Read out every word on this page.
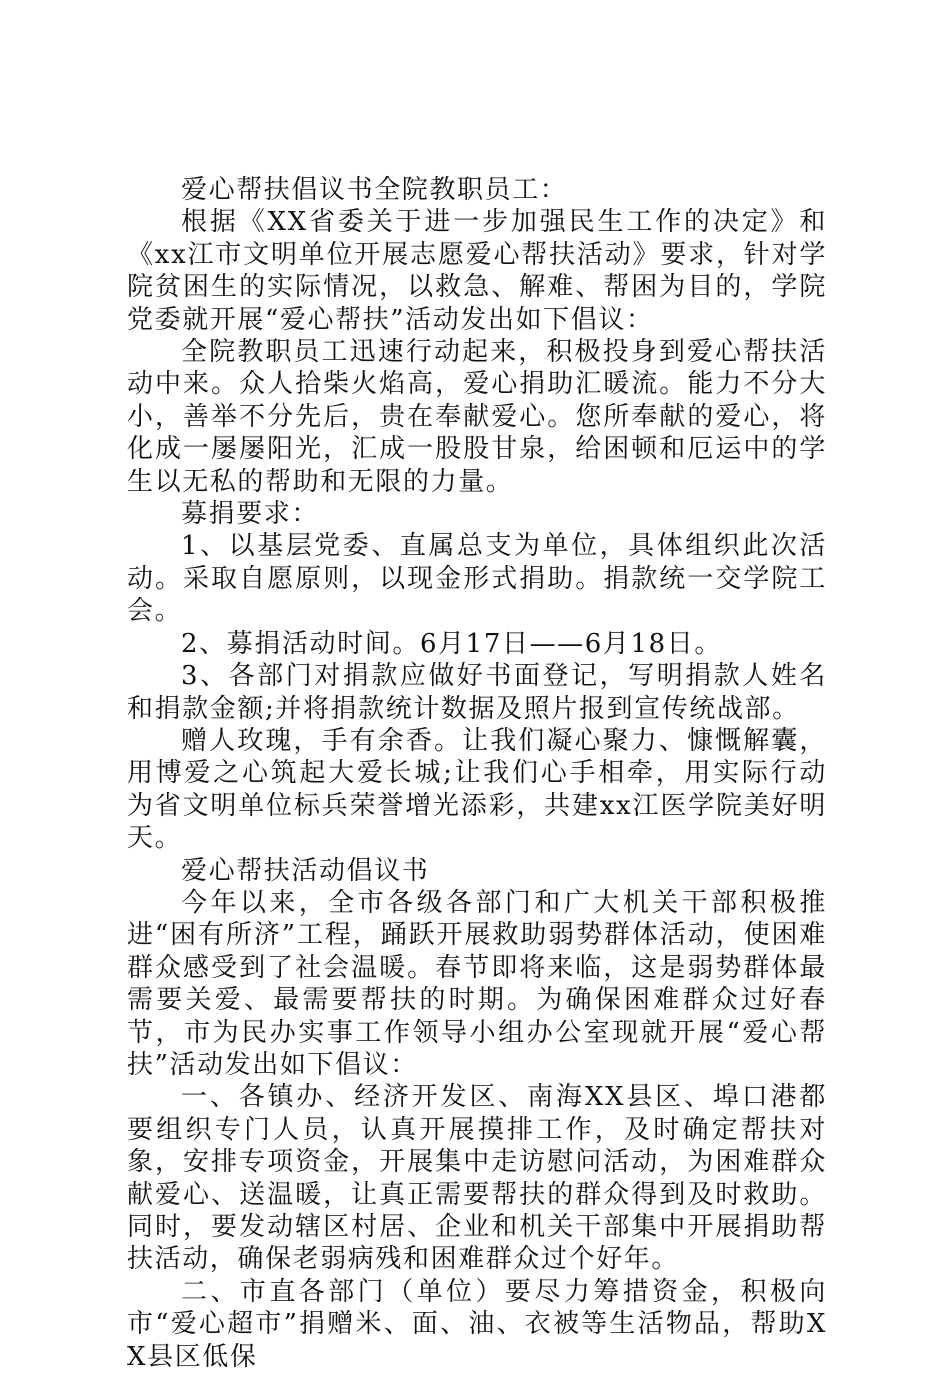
爱心帮扶倡议书全院教职员工：

根据《XX省委关于进一步加强民生工作的决定》和《xx江市文明单位开展志愿爱心帮扶活动》要求，针对学院贫困生的实际情况，以救急、解难、帮困为目的，学院党委就开展“爱心帮扶”活动发出如下倡议：

全院教职员工迅速行动起来，积极投身到爱心帮扶活动中来。众人拾柴火焰高，爱心捐助汇暖流。能力不分大小，善举不分先后，贵在奉献爱心。您所奉献的爱心，将化成一屡屡阳光，汇成一股股甘泉，给困顿和厄运中的学生以无私的帮助和无限的力量。

募捐要求：

1、以基层党委、直属总支为单位，具体组织此次活动。采取自愿原则，以现金形式捐助。捐款统一交学院工会。

2、募捐活动时间。6月17日——6月18日。

3、各部门对捐款应做好书面登记，写明捐款人姓名和捐款金额;并将捐款统计数据及照片报到宣传统战部。

赠人玫瑰，手有余香。让我们凝心聚力、慷慨解囊，用博爱之心筑起大爱长城;让我们心手相牵，用实际行动为省文明单位标兵荣誉增光添彩，共建xx江医学院美好明天。

爱心帮扶活动倡议书

今年以来，全市各级各部门和广大机关干部积极推进“困有所济”工程，踊跃开展救助弱势群体活动，使困难群众感受到了社会温暖。春节即将来临，这是弱势群体最需要关爱、最需要帮扶的时期。为确保困难群众过好春节，市为民办实事工作领导小组办公室现就开展“爱心帮扶”活动发出如下倡议：

一、各镇办、经济开发区、南海XX县区、埠口港都要组织专门人员，认真开展摸排工作，及时确定帮扶对象，安排专项资金，开展集中走访慰问活动，为困难群众献爱心、送温暖，让真正需要帮扶的群众得到及时救助。同时，要发动辖区村居、企业和机关干部集中开展捐助帮扶活动，确保老弱病残和困难群众过个好年。

二、市直各部门（单位）要尽力筹措资金，积极向市“爱心超市”捐赠米、面、油、衣被等生活物品，帮助XX县区低保
